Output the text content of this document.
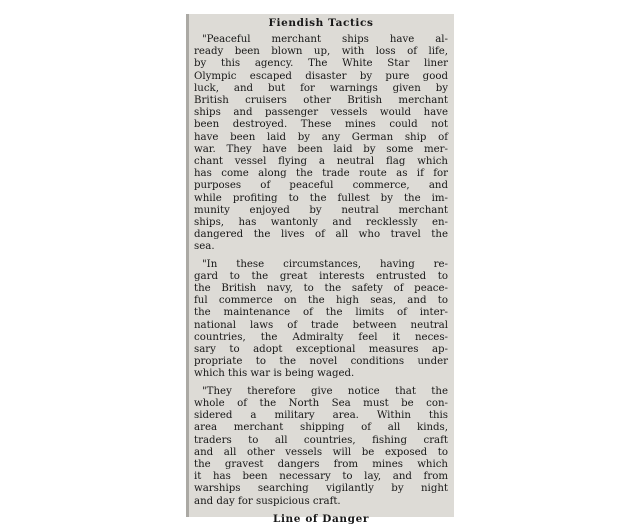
Fiendish Tactics
"Peaceful merchant ships have al-
ready been blown up, with loss of life,
by this agency. The White Star liner
Olympic escaped disaster by pure good
luck, and but for warnings given by
British cruisers other British merchant
ships and passenger vessels would have
been destroyed. These mines could not
have been laid by any German ship of
war. They have been laid by some mer-
chant vessel flying a neutral flag which
has come along the trade route as if for
purposes of peaceful commerce, and
while profiting to the fullest by the im-
munity enjoyed by neutral merchant
ships, has wantonly and recklessly en-
dangered the lives of all who travel the
sea.
"In these circumstances, having re-
gard to the great interests entrusted to
the British navy, to the safety of peace-
ful commerce on the high seas, and to
the maintenance of the limits of inter-
national laws of trade between neutral
countries, the Admiralty feel it neces-
sary to adopt exceptional measures ap-
propriate to the novel conditions under
which this war is being waged.
"They therefore give notice that the
whole of the North Sea must be con-
sidered a military area. Within this
area merchant shipping of all kinds,
traders to all countries, fishing craft
and all other vessels will be exposed to
the gravest dangers from mines which
it has been necessary to lay, and from
warships searching vigilantly by night
and day for suspicious craft.
Line of Danger
